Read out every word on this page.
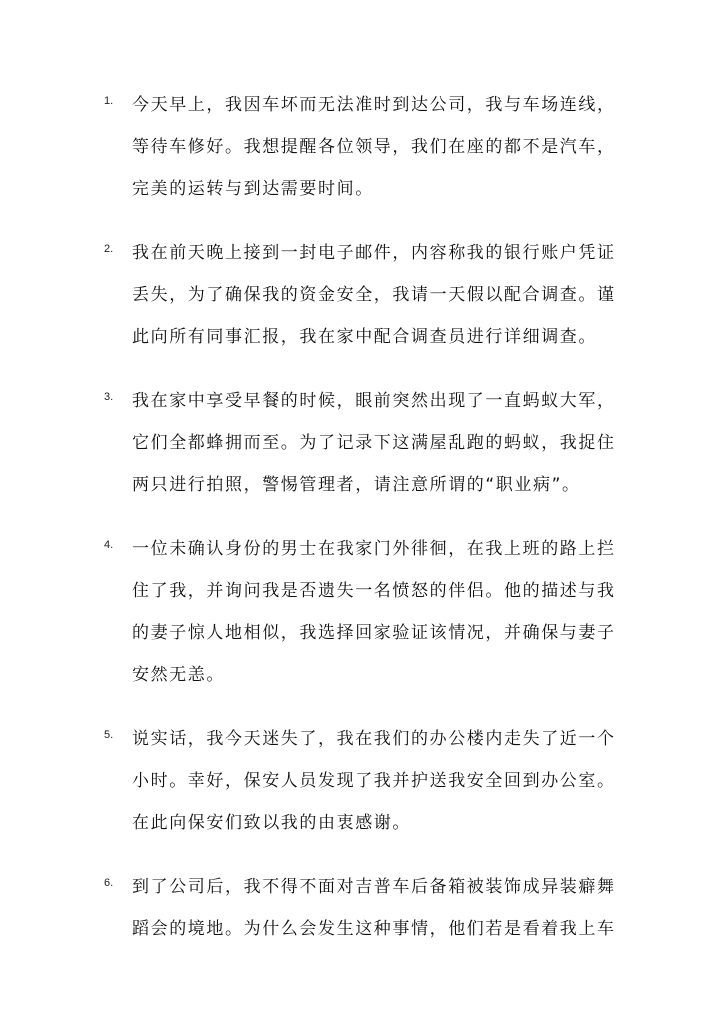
1. 今天早上，我因车坏而无法准时到达公司，我与车场连线，
等待车修好。我想提醒各位领导，我们在座的都不是汽车，
完美的运转与到达需要时间。
2. 我在前天晚上接到一封电子邮件，内容称我的银行账户凭证
丢失，为了确保我的资金安全，我请一天假以配合调查。谨
此向所有同事汇报，我在家中配合调查员进行详细调查。
3. 我在家中享受早餐的时候，眼前突然出现了一直蚂蚁大军，
它们全都蜂拥而至。为了记录下这满屋乱跑的蚂蚁，我捉住
两只进行拍照，警惕管理者，请注意所谓的“职业病”。
4. 一位未确认身份的男士在我家门外徘徊，在我上班的路上拦
住了我，并询问我是否遗失一名愤怒的伴侣。他的描述与我
的妻子惊人地相似，我选择回家验证该情况，并确保与妻子
安然无恙。
5. 说实话，我今天迷失了，我在我们的办公楼内走失了近一个
小时。幸好，保安人员发现了我并护送我安全回到办公室。
在此向保安们致以我的由衷感谢。
6. 到了公司后，我不得不面对吉普车后备箱被装饰成异装癖舞
蹈会的境地。为什么会发生这种事情，他们若是看着我上车
